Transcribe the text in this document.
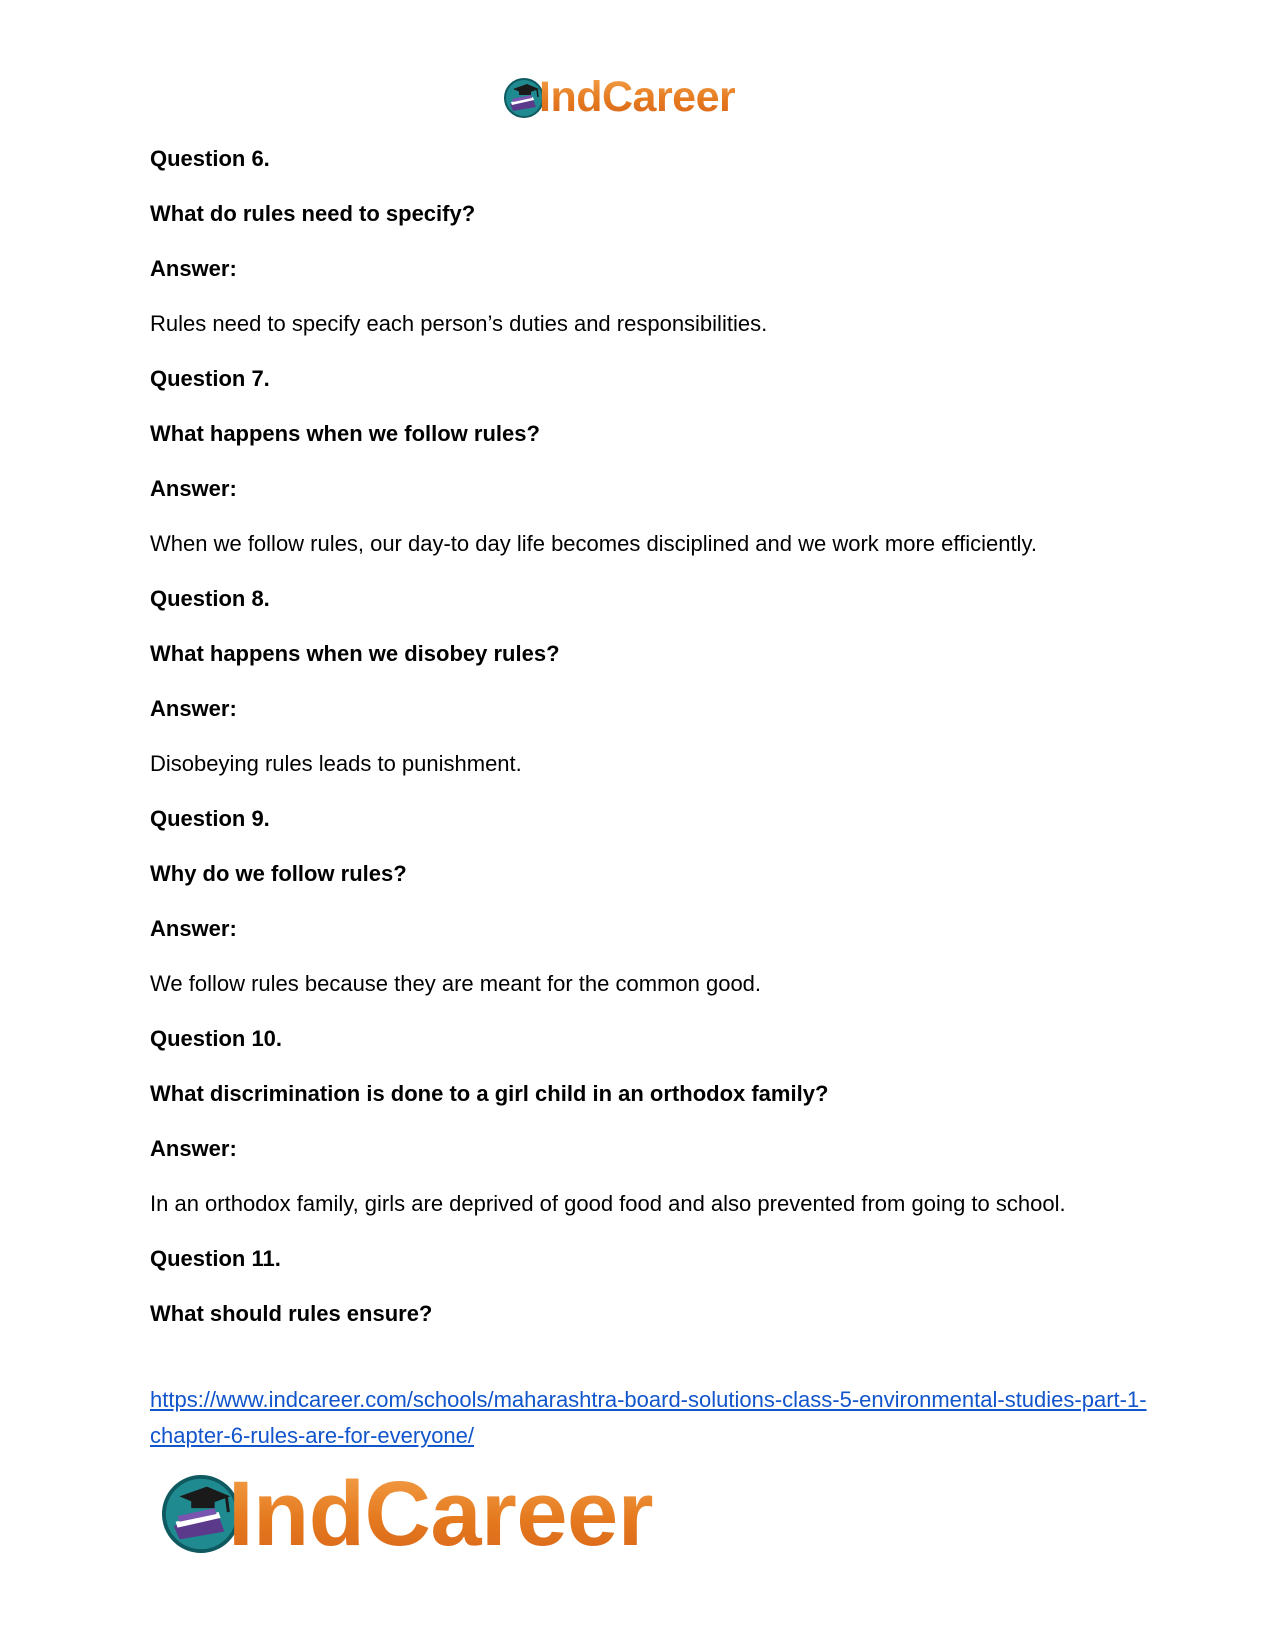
IndCareer
Question 6.
What do rules need to specify?
Answer:
Rules need to specify each person’s duties and responsibilities.
Question 7.
What happens when we follow rules?
Answer:
When we follow rules, our day-to day life becomes disciplined and we work more efficiently.
Question 8.
What happens when we disobey rules?
Answer:
Disobeying rules leads to punishment.
Question 9.
Why do we follow rules?
Answer:
We follow rules because they are meant for the common good.
Question 10.
What discrimination is done to a girl child in an orthodox family?
Answer:
In an orthodox family, girls are deprived of good food and also prevented from going to school.
Question 11.
What should rules ensure?
https://www.indcareer.com/schools/maharashtra-board-solutions-class-5-environmental-studies-part-1-chapter-6-rules-are-for-everyone/
IndCareer
